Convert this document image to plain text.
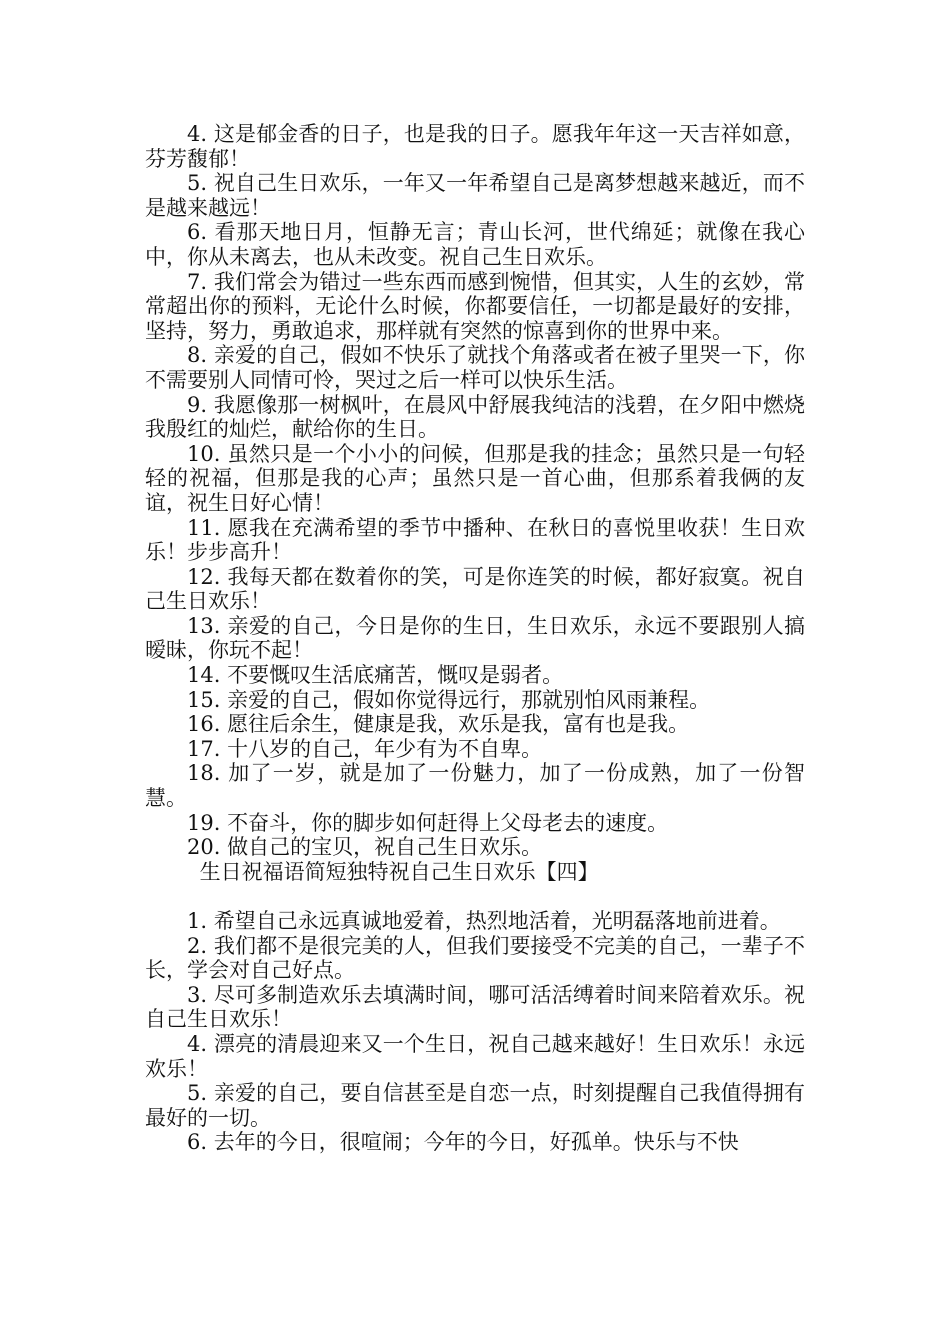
4. 这是郁金香的日子，也是我的日子。愿我年年这一天吉祥如意，芬芳馥郁！

5. 祝自己生日欢乐，一年又一年希望自己是离梦想越来越近，而不是越来越远！

6. 看那天地日月，恒静无言；青山长河，世代绵延；就像在我心中，你从未离去，也从未改变。祝自己生日欢乐。

7. 我们常会为错过一些东西而感到惋惜，但其实，人生的玄妙，常常超出你的预料，无论什么时候，你都要信任，一切都是最好的安排，坚持，努力，勇敢追求，那样就有突然的惊喜到你的世界中来。

8. 亲爱的自己，假如不快乐了就找个角落或者在被子里哭一下，你不需要别人同情可怜，哭过之后一样可以快乐生活。

9. 我愿像那一树枫叶，在晨风中舒展我纯洁的浅碧，在夕阳中燃烧我殷红的灿烂，献给你的生日。

10. 虽然只是一个小小的问候，但那是我的挂念；虽然只是一句轻轻的祝福，但那是我的心声；虽然只是一首心曲，但那系着我俩的友谊，祝生日好心情！

11. 愿我在充满希望的季节中播种、在秋日的喜悦里收获！生日欢乐！步步高升！

12. 我每天都在数着你的笑，可是你连笑的时候，都好寂寞。祝自己生日欢乐！

13. 亲爱的自己，今日是你的生日，生日欢乐，永远不要跟别人搞暧昧，你玩不起！

14. 不要慨叹生活底痛苦，慨叹是弱者。

15. 亲爱的自己，假如你觉得远行，那就别怕风雨兼程。

16. 愿往后余生，健康是我，欢乐是我，富有也是我。

17. 十八岁的自己，年少有为不自卑。

18. 加了一岁，就是加了一份魅力，加了一份成熟，加了一份智慧。

19. 不奋斗，你的脚步如何赶得上父母老去的速度。

20. 做自己的宝贝，祝自己生日欢乐。

生日祝福语简短独特祝自己生日欢乐【四】

1. 希望自己永远真诚地爱着，热烈地活着，光明磊落地前进着。

2. 我们都不是很完美的人，但我们要接受不完美的自己，一辈子不长，学会对自己好点。

3. 尽可多制造欢乐去填满时间，哪可活活缚着时间来陪着欢乐。祝自己生日欢乐！

4. 漂亮的清晨迎来又一个生日，祝自己越来越好！生日欢乐！永远欢乐！

5. 亲爱的自己，要自信甚至是自恋一点，时刻提醒自己我值得拥有最好的一切。

6. 去年的今日，很喧闹；今年的今日，好孤单。快乐与不快
